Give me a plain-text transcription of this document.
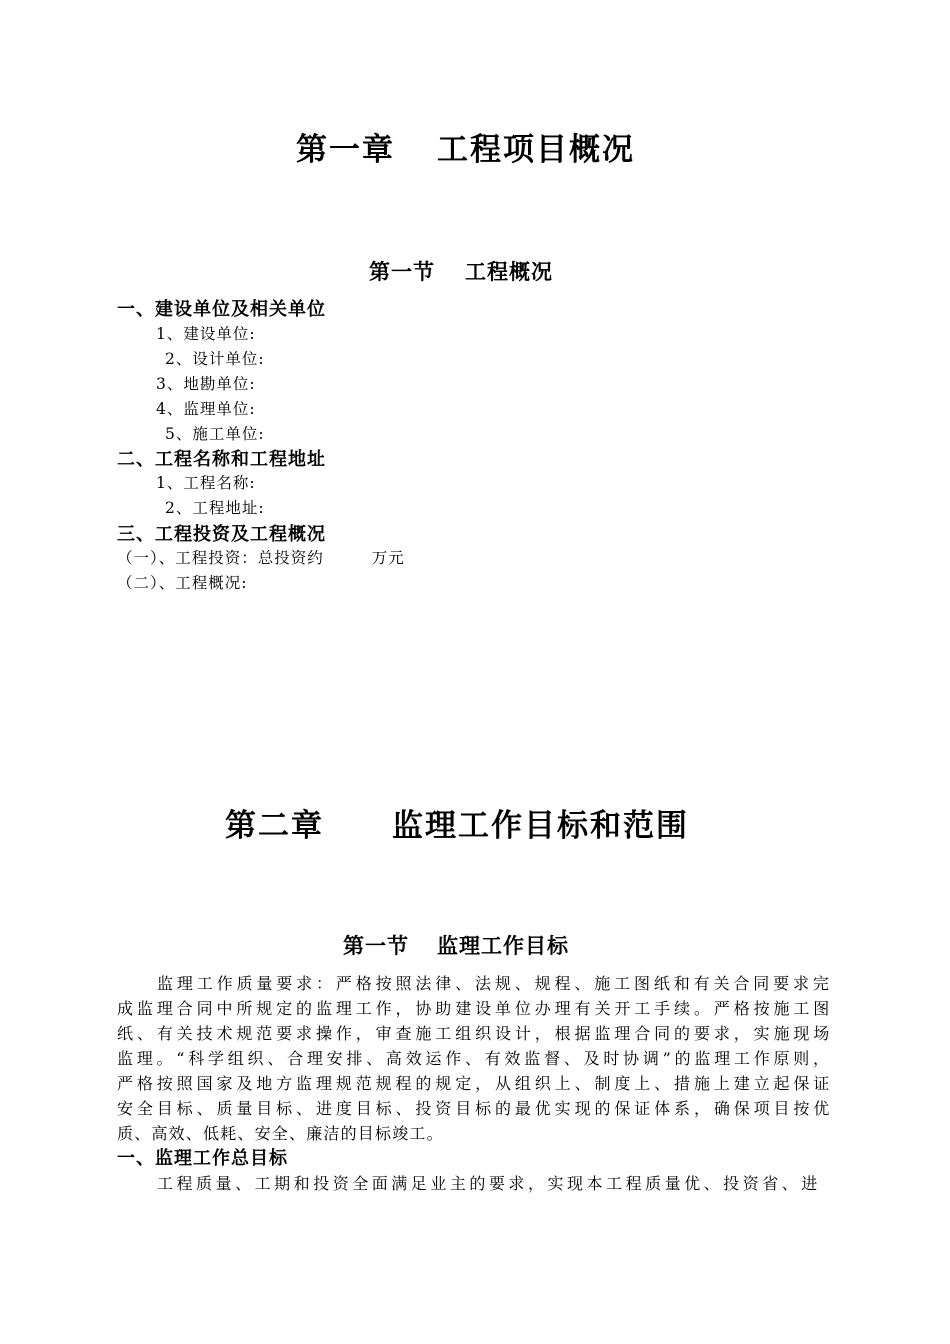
第一章 工程项目概况
第一节 工程概况
一、建设单位及相关单位
1、建设单位:
2、设计单位:
3、地勘单位:
4、监理单位:
5、施工单位:
二、工程名称和工程地址
1、工程名称:
2、工程地址:
三、工程投资及工程概况
（一）、工程投资：总投资约	万元
（二）、工程概况:
第二章 监理工作目标和范围
第一节 监理工作目标
监理工作质量要求：严格按照法律、法规、规程、施工图纸和有关合同要求完
成监理合同中所规定的监理工作，协助建设单位办理有关开工手续。严格按施工图
纸、有关技术规范要求操作，审查施工组织设计，根据监理合同的要求，实施现场
监理。“科学组织、合理安排、高效运作、有效监督、及时协调”的监理工作原则，
严格按照国家及地方监理规范规程的规定，从组织上、制度上、措施上建立起保证
安全目标、质量目标、进度目标、投资目标的最优实现的保证体系，确保项目按优
质、高效、低耗、安全、廉洁的目标竣工。
一、监理工作总目标
工程质量、工期和投资全面满足业主的要求，实现本工程质量优、投资省、进
